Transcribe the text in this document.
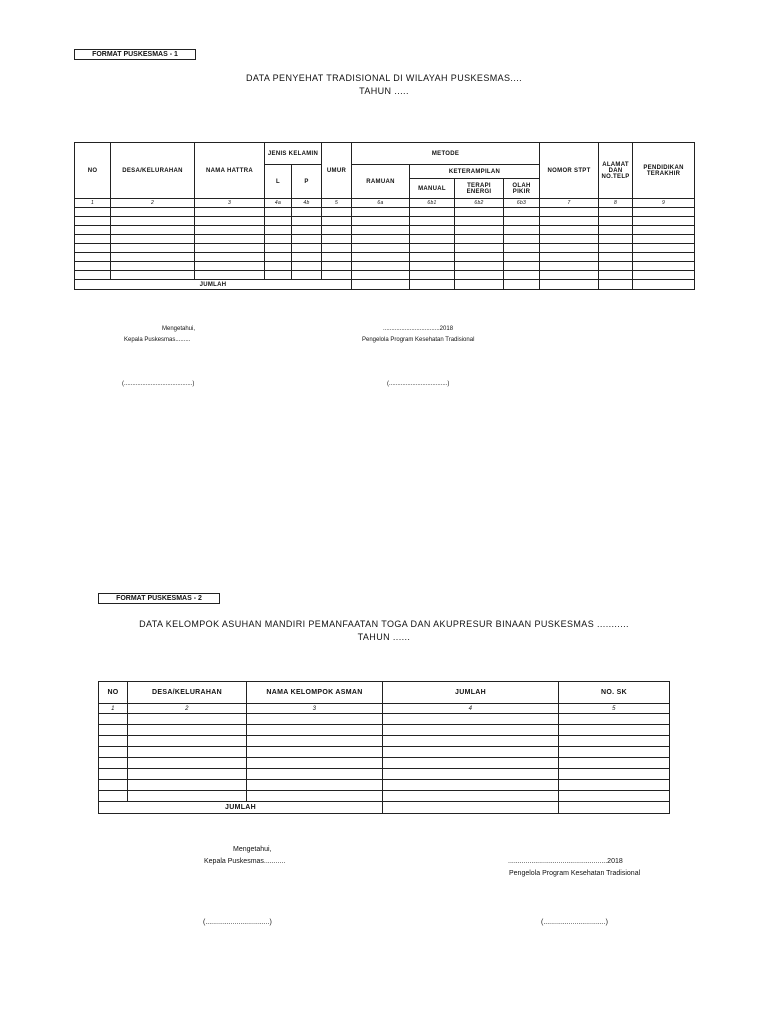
FORMAT PUSKESMAS - 1
DATA PENYEHAT TRADISIONAL DI WILAYAH PUSKESMAS....
TAHUN .....
NO	DESA/KELURAHAN	NAMA HATTRA	JENIS KELAMIN		UMUR	METODE				NOMOR STPT	ALAMAT DAN NO.TELP	PENDIDIKAN TERAKHIR
			L	P		RAMUAN	KETERAMPILAN					
							MANUAL	TERAPI ENERGI	OLAH PIKIR			
1	2	3	4a	4b	5	6a	6b1	6b2	6b3	7	8	9

JUMLAH												
Mengetahui,
Kepala Puskesmas.........
..................................2018
Pengelola Program Kesehatan Tradisional
(.........................................)	(...................................)
FORMAT PUSKESMAS - 2
DATA KELOMPOK ASUHAN MANDIRI PEMANFAATAN TOGA DAN AKUPRESUR BINAAN PUSKESMAS ...........
TAHUN ......
NO	DESA/KELURAHAN	NAMA KELOMPOK ASMAN	JUMLAH	NO. SK
1	2	3	4	5

JUMLAH				
Mengetahui,
Kepala Puskesmas...........	...................................................2018
Pengelola Program Kesehatan Tradisional
(.................................)	(................................)
